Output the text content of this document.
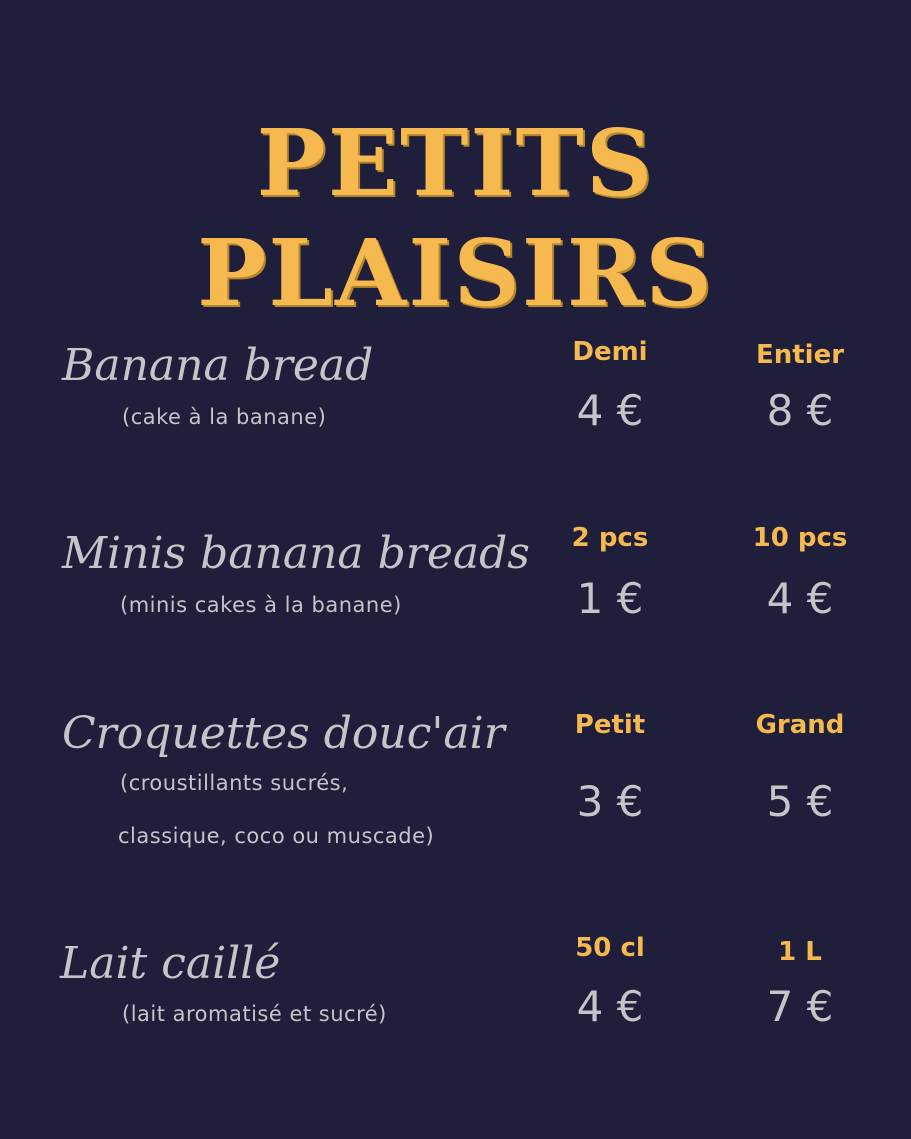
PETITS PLAISIRS
Banana bread
(cake à la banane)
Demi
4 €
Entier
8 €
Minis banana breads
(minis cakes à la banane)
2 pcs
1 €
10 pcs
4 €
Croquettes douc'air
(croustillants sucrés,
classique, coco ou muscade)
Petit
3 €
Grand
5 €
Lait caillé
(lait aromatisé et sucré)
50 cl
4 €
1 L
7 €
